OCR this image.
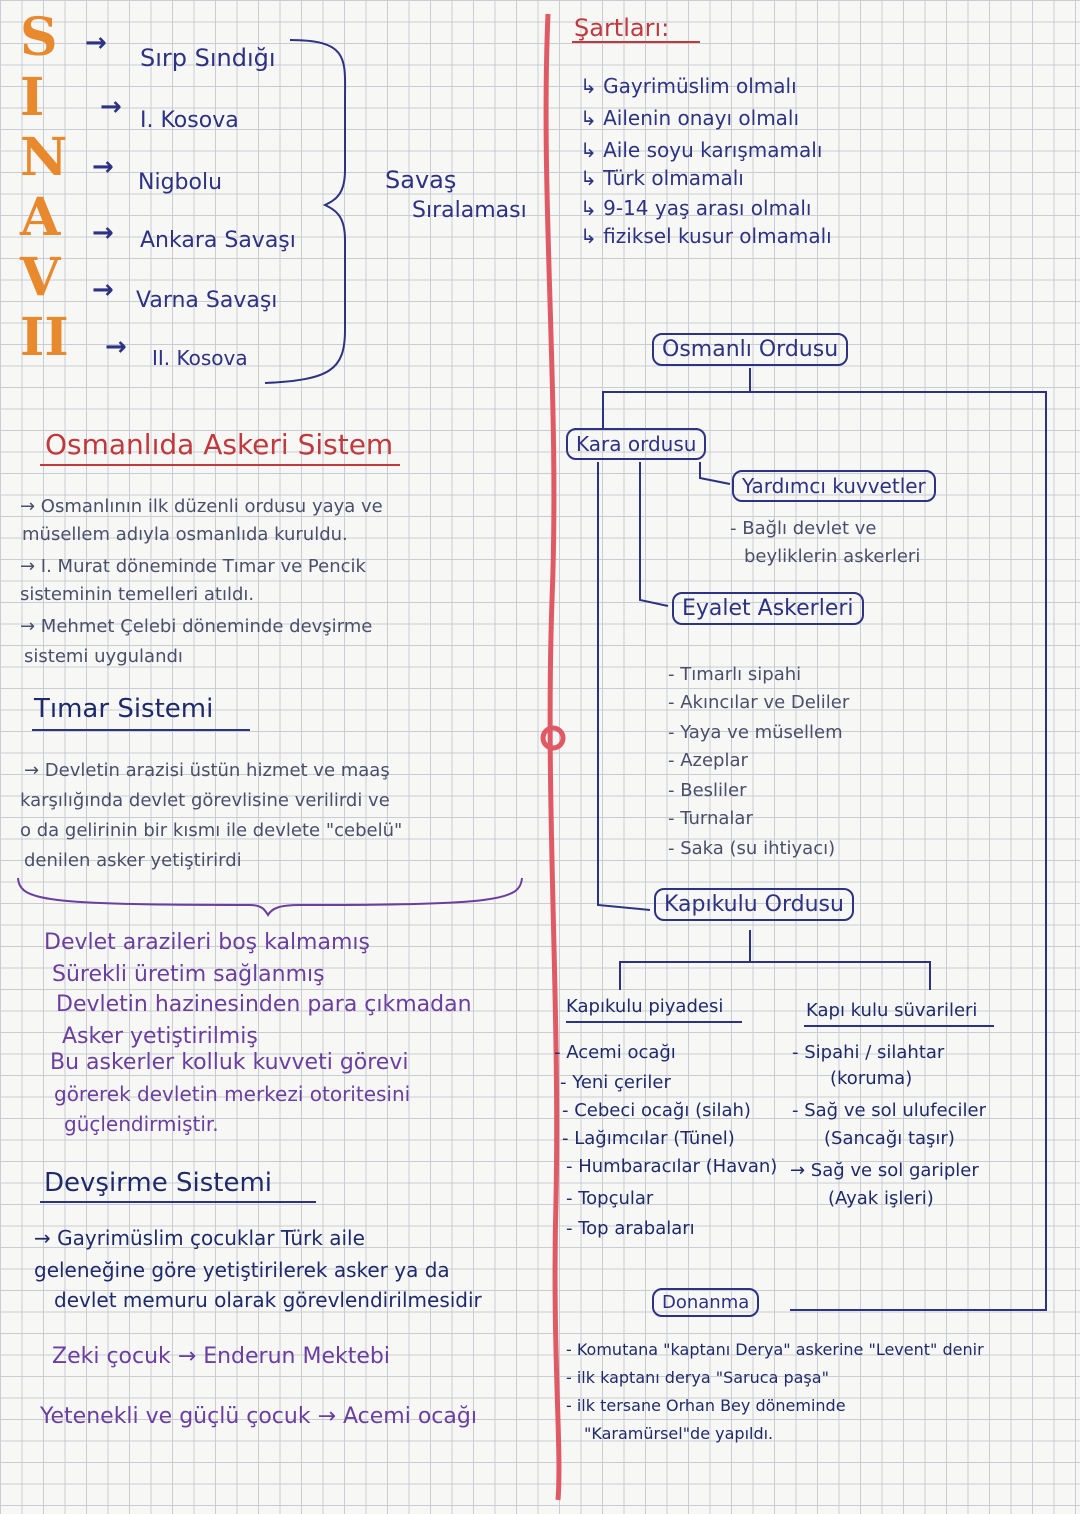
S
I
N
A
V
II
→
→
→
→
→
→
Sırp Sındığı
I. Kosova
Nigbolu
Ankara Savaşı
Varna Savaşı
II. Kosova
Savaş
Sıralaması
Osmanlıda Askeri Sistem
→ Osmanlının ilk düzenli ordusu yaya ve
müsellem adıyla osmanlıda kuruldu.
→ I. Murat döneminde Tımar ve Pencik
sisteminin temelleri atıldı.
→ Mehmet Çelebi döneminde devşirme
sistemi uygulandı
Tımar Sistemi
→ Devletin arazisi üstün hizmet ve maaş
karşılığında devlet görevlisine verilirdi ve
o da gelirinin bir kısmı ile devlete "cebelü"
denilen asker yetiştirirdi
Devlet arazileri boş kalmamış
Sürekli üretim sağlanmış
Devletin hazinesinden para çıkmadan
Asker yetiştirilmiş
Bu askerler kolluk kuvveti görevi
görerek devletin merkezi otoritesini
güçlendirmiştir.
Devşirme Sistemi
→ Gayrimüslim çocuklar Türk aile
geleneğine göre yetiştirilerek asker ya da
devlet memuru olarak görevlendirilmesidir
Zeki çocuk → Enderun Mektebi
Yetenekli ve güçlü çocuk → Acemi ocağı
Şartları:
↳ Gayrimüslim olmalı
↳ Ailenin onayı olmalı
↳ Aile soyu karışmamalı
↳ Türk olmamalı
↳ 9-14 yaş arası olmalı
↳ fiziksel kusur olmamalı
Osmanlı Ordusu
Kara ordusu
Yardımcı kuvvetler
- Bağlı devlet ve
beyliklerin askerleri
Eyalet Askerleri
- Tımarlı sipahi
- Akıncılar ve Deliler
- Yaya ve müsellem
- Azeplar
- Besliler
- Turnalar
- Saka (su ihtiyacı)
Kapıkulu Ordusu
Kapıkulu piyadesi
- Acemi ocağı
- Yeni çeriler
- Cebeci ocağı (silah)
- Lağımcılar (Tünel)
- Humbaracılar (Havan)
- Topçular
- Top arabaları
Kapı kulu süvarileri
- Sipahi / silahtar
(koruma)
- Sağ ve sol ulufeciler
(Sancağı taşır)
→ Sağ ve sol garipler
(Ayak işleri)
Donanma
- Komutana "kaptanı Derya" askerine "Levent" denir
- ilk kaptanı derya "Saruca paşa"
- ilk tersane Orhan Bey döneminde
"Karamürsel"de yapıldı.
